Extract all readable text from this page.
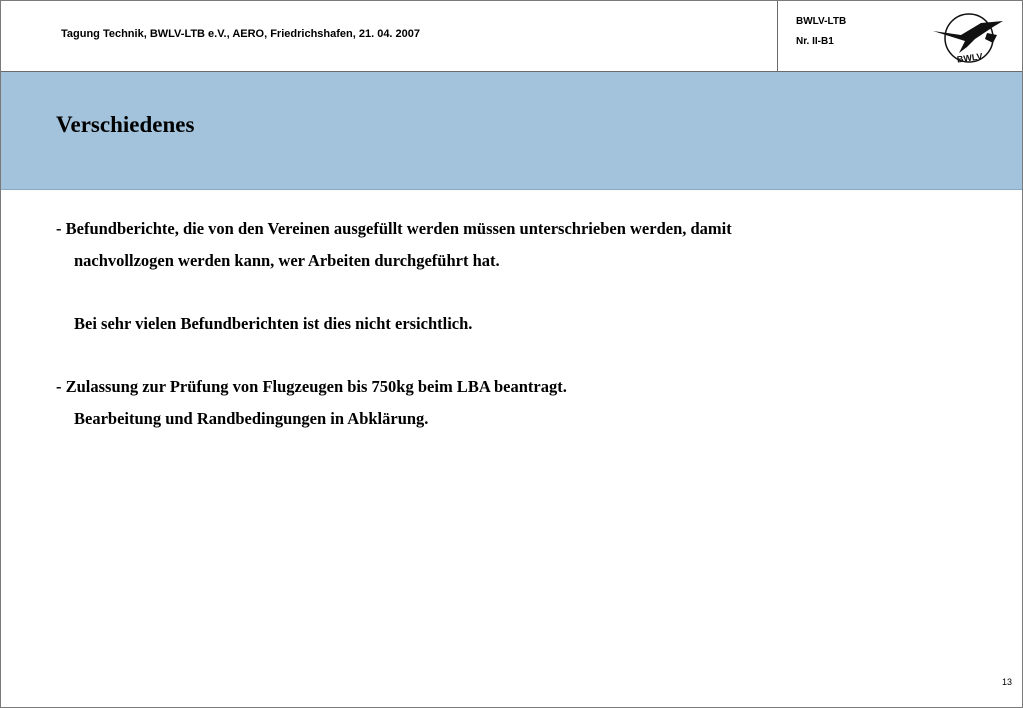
Tagung Technik, BWLV-LTB e.V., AERO, Friedrichshafen, 21. 04. 2007
BWLV-LTB
Nr. II-B1
BWLV
Verschiedenes
- Befundberichte, die von den Vereinen ausgefüllt werden müssen unterschrieben werden, damit
nachvollzogen werden kann, wer Arbeiten durchgeführt hat.
Bei sehr vielen Befundberichten ist dies nicht ersichtlich.
- Zulassung zur Prüfung von Flugzeugen bis 750kg beim LBA beantragt.
Bearbeitung und Randbedingungen in Abklärung.
13
